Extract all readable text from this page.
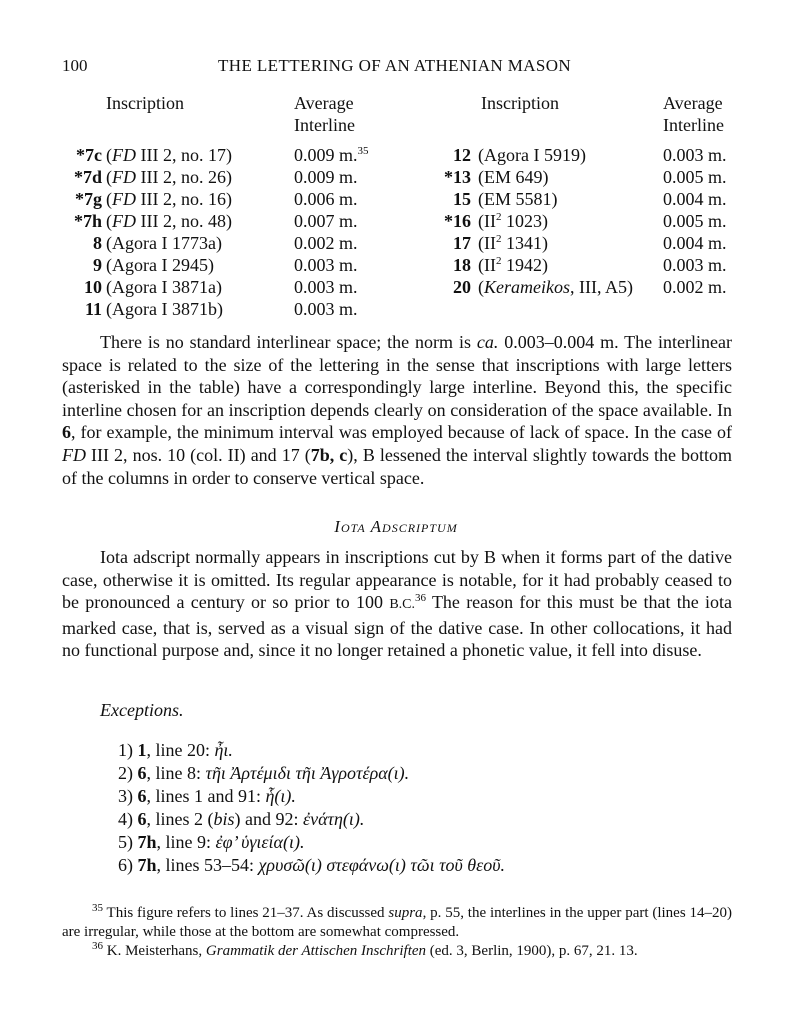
100	THE LETTERING OF AN ATHENIAN MASON
Inscription	Average
Interline
Inscription	Average
Interline
*7c (FD III 2, no. 17)	0.009 m.$^{35}$
*7d (FD III 2, no. 26)	0.009 m.
*7g (FD III 2, no. 16)	0.006 m.
*7h (FD III 2, no. 48)	0.007 m.
8 (Agora I 1773a)	0.002 m.
9 (Agora I 2945)	0.003 m.
10 (Agora I 3871a)	0.003 m.
11 (Agora I 3871b)	0.003 m.
12 (Agora I 5919)	0.003 m.
*13 (EM 649)	0.005 m.
15 (EM 5581)	0.004 m.
*16 ($II^2$ 1023)	0.005 m.
17 ($II^2$ 1341)	0.004 m.
18 ($II^2$ 1942)	0.003 m.
20 (Kerameikos, III, A5) 0.002 m.

There is no standard interlinear space; the norm is ca. 0.003–0.004 m. The interlinear space is related to the size of the lettering in the sense that inscriptions with large letters (asterisked in the table) have a correspondingly large interline. Beyond this, the specific interline chosen for an inscription depends clearly on consideration of the space available. In 6, for example, the minimum interval was employed because of lack of space. In the case of FD III 2, nos. 10 (col. II) and 17 (7b, c), B lessened the interval slightly towards the bottom of the columns in order to conserve vertical space.

Iota Adscriptum

Iota adscript normally appears in inscriptions cut by B when it forms part of the dative case, otherwise it is omitted. Its regular appearance is notable, for it had probably ceased to be pronounced a century or so prior to 100 B.C.$^{36}$ The reason for this must be that the iota marked case, that is, served as a visual sign of the dative case. In other collocations, it had no functional purpose and, since it no longer retained a phonetic value, it fell into disuse.

Exceptions.
1) 1, line 20: ἦι.
2) 6, line 8: τῆι Ἀρτέμιδι τῆι Ἀγροτέρα(ι).
3) 6, lines 1 and 91: ἧ(ι).
4) 6, lines 2 (bis) and 92: ἐνάτη(ι).
5) 7h, line 9: ἐφ’ ὑγιεία(ι).
6) 7h, lines 53–54: χρυσῶ(ι) στεφάνω(ι) τῶι τοῦ θεοῦ.
$^{35}$ This figure refers to lines 21–37. As discussed supra, p. 55, the interlines in the upper part (lines 14–20) are irregular, while those at the bottom are somewhat compressed.
$^{36}$ K. Meisterhans, Grammatik der Attischen Inschriften (ed. 3, Berlin, 1900), p. 67, 21. 13.
